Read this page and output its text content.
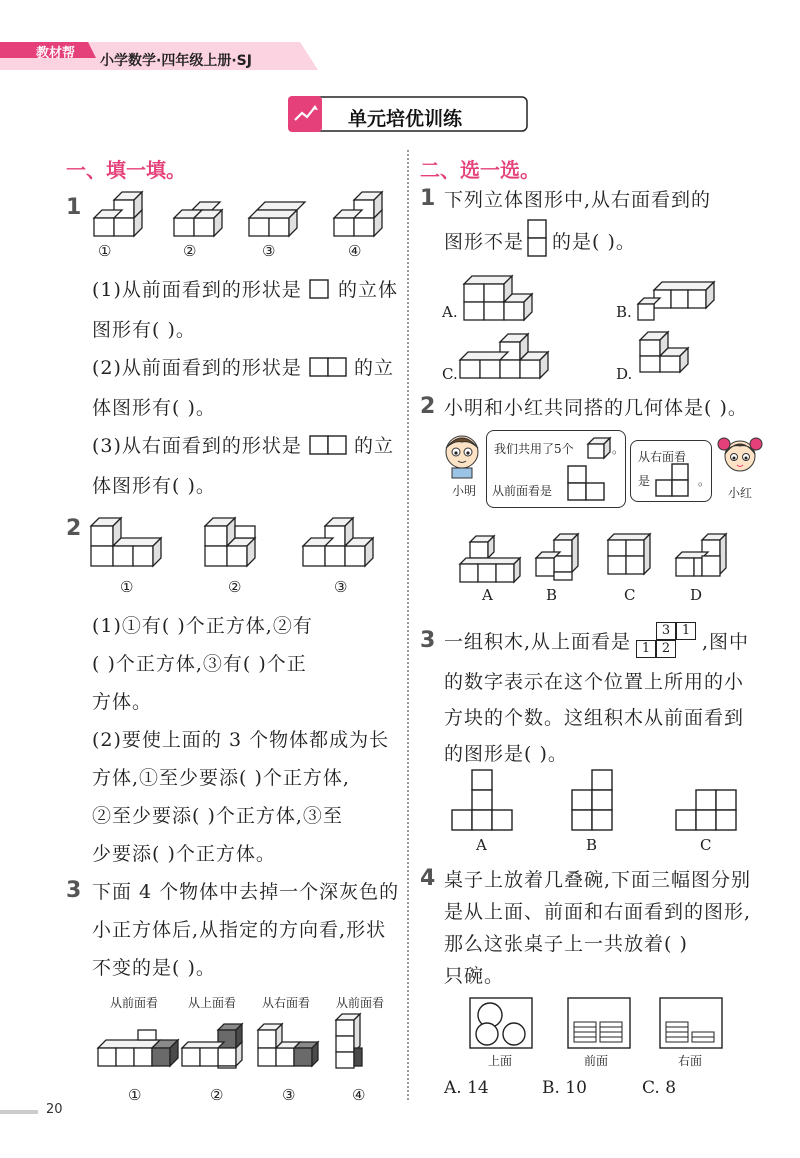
教材帮 小学数学·四年级上册·SJ
单元培优训练
一、填一填。
1
①	②	③	④
(1)从前面看到的形状是 的立体
图形有( )。
(2)从前面看到的形状是	的立
体图形有( )。
(3)从右面看到的形状是	的立
体图形有( )。
2
①	②	③
(1)①有( )个正方体,②有
( )个正方体,③有( )个正
方体。
(2)要使上面的 3 个物体都成为长
方体,①至少要添( )个正方体,
②至少要添( )个正方体,③至
少要添( )个正方体。
3 下面 4 个物体中去掉一个深灰色的
小正方体后,从指定的方向看,形状
不变的是( )。
从前面看 从上面看 从右面看 从前面看
①	②	③	④
二、选一选。
1 下列立体图形中,从右面看到的
图形不是 的是( )。
A.	B.
C.	D.
2 小明和小红共同搭的几何体是( )。
小明
我们共用了5个	。
从前面看是
从右面看
是	。
小红
A	B	C	D
3 一组积木,从上面看是
3 1
1 2	,图中
的数字表示在这个位置上所用的小
方块的个数。这组积木从前面看到
的图形是( )。
A	B	C
4 桌子上放着几叠碗,下面三幅图分别
是从上面、前面和右面看到的图形,
那么这张桌子上一共放着( )
只碗。
上面	前面	右面
A. 14	B. 10	C. 8
20
